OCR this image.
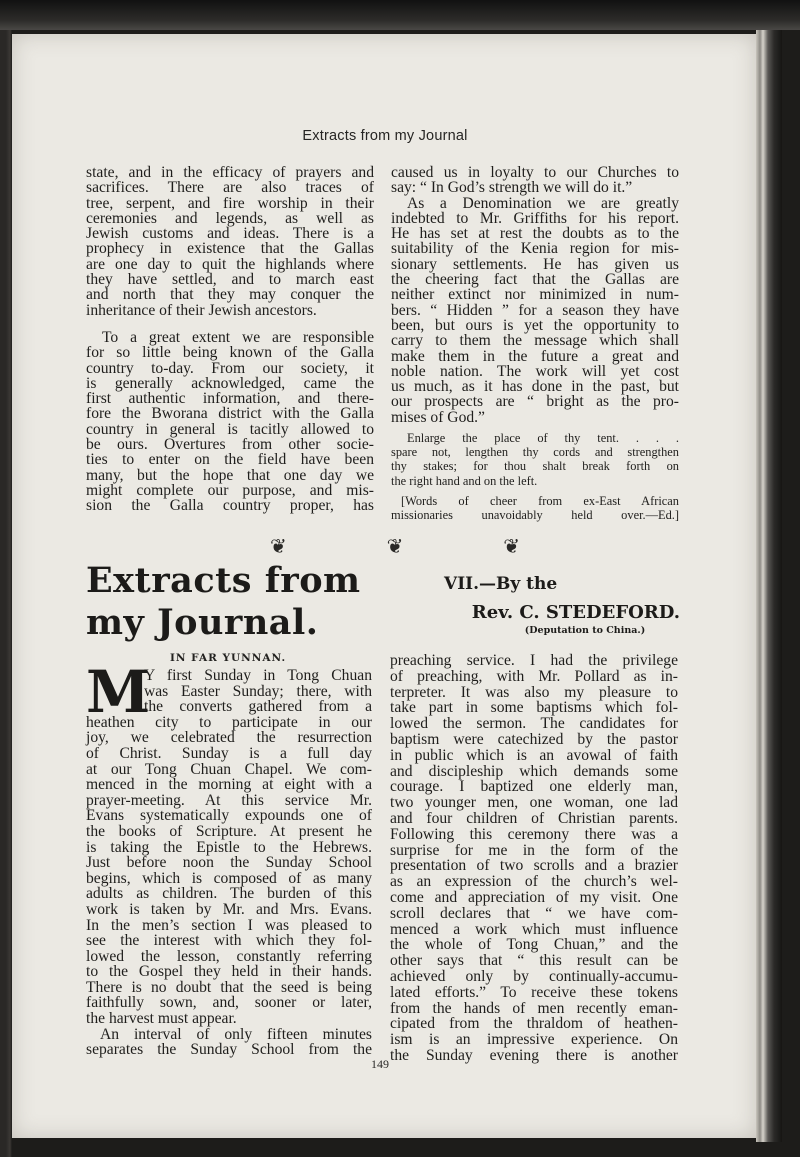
Extracts from my Journal

state, and in the efficacy of prayers and

sacrifices. There are also traces of

tree, serpent, and fire worship in their

ceremonies and legends, as well as

Jewish customs and ideas. There is a

prophecy in existence that the Gallas

are one day to quit the highlands where

they have settled, and to march east

and north that they may conquer the

inheritance of their Jewish ancestors.

To a great extent we are responsible

for so little being known of the Galla

country to-day. From our society, it

is generally acknowledged, came the

first authentic information, and there-

fore the Bworana district with the Galla

country in general is tacitly allowed to

be ours. Overtures from other socie-

ties to enter on the field have been

many, but the hope that one day we

might complete our purpose, and mis-

sion the Galla country proper, has

caused us in loyalty to our Churches to

say: “ In God’s strength we will do it.”

As a Denomination we are greatly

indebted to Mr. Griffiths for his report.

He has set at rest the doubts as to the

suitability of the Kenia region for mis-

sionary settlements. He has given us

the cheering fact that the Gallas are

neither extinct nor minimized in num-

bers. “ Hidden ” for a season they have

been, but ours is yet the opportunity to

carry to them the message which shall

make them in the future a great and

noble nation. The work will yet cost

us much, as it has done in the past, but

our prospects are “ bright as the pro-

mises of God.”

Enlarge the place of thy tent. . . .

spare not, lengthen thy cords and strengthen

thy stakes; for thou shalt break forth on

the right hand and on the left.

[Words of cheer from ex-East African

missionaries unavoidably held over.—Ed.]

❦	❦	❦
Extracts from
my Journal.
VII.—By the
Rev. C. STEDEFORD.
(Deputation to China.)
IN FAR YUNNAN.
M

Y first Sunday in Tong Chuan

was Easter Sunday; there, with

the converts gathered from a

heathen city to participate in our

joy, we celebrated the resurrection

of Christ. Sunday is a full day

at our Tong Chuan Chapel. We com-

menced in the morning at eight with a

prayer-meeting. At this service Mr.

Evans systematically expounds one of

the books of Scripture. At present he

is taking the Epistle to the Hebrews.

Just before noon the Sunday School

begins, which is composed of as many

adults as children. The burden of this

work is taken by Mr. and Mrs. Evans.

In the men’s section I was pleased to

see the interest with which they fol-

lowed the lesson, constantly referring

to the Gospel they held in their hands.

There is no doubt that the seed is being

faithfully sown, and, sooner or later,

the harvest must appear.

An interval of only fifteen minutes

separates the Sunday School from the

preaching service. I had the privilege

of preaching, with Mr. Pollard as in-

terpreter. It was also my pleasure to

take part in some baptisms which fol-

lowed the sermon. The candidates for

baptism were catechized by the pastor

in public which is an avowal of faith

and discipleship which demands some

courage. I baptized one elderly man,

two younger men, one woman, one lad

and four children of Christian parents.

Following this ceremony there was a

surprise for me in the form of the

presentation of two scrolls and a brazier

as an expression of the church’s wel-

come and appreciation of my visit. One

scroll declares that “ we have com-

menced a work which must influence

the whole of Tong Chuan,” and the

other says that “ this result can be

achieved only by continually-accumu-

lated efforts.” To receive these tokens

from the hands of men recently eman-

cipated from the thraldom of heathen-

ism is an impressive experience. On

the Sunday evening there is another

149
